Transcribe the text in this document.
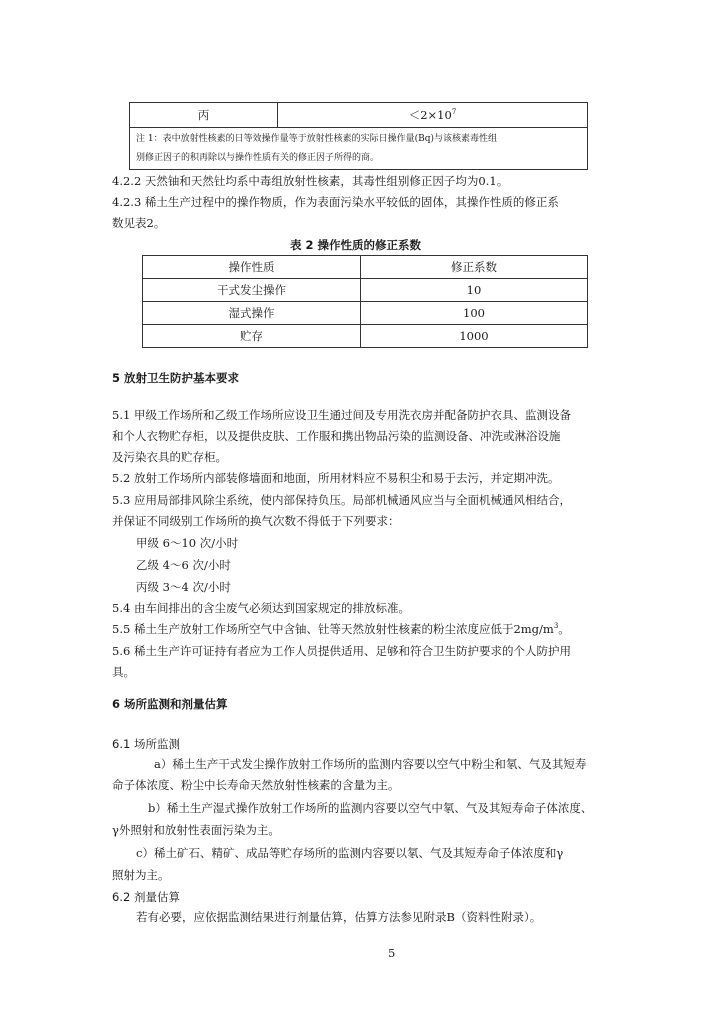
丙	$<2\times 10^7$

注 1：表中放射性核素的日等效操作量等于放射性核素的实际日操作量(Bq)与该核素毒性组
别修正因子的积再除以与操作性质有关的修正因子所得的商。
4.2.2 天然铀和天然钍均系中毒组放射性核素，其毒性组别修正因子均为0.1。
4.2.3 稀土生产过程中的操作物质，作为表面污染水平较低的固体，其操作性质的修正系
数见表2。
表 2 操作性质的修正系数
操作性质	修正系数
干式发尘操作	10
湿式操作	100
贮存	1000
5 放射卫生防护基本要求
5.1 甲级工作场所和乙级工作场所应设卫生通过间及专用洗衣房并配备防护衣具、监测设备
和个人衣物贮存柜，以及提供皮肤、工作服和携出物品污染的监测设备、冲洗或淋浴设施
及污染衣具的贮存柜。
5.2 放射工作场所内部装修墙面和地面，所用材料应不易积尘和易于去污，并定期冲洗。
5.3 应用局部排风除尘系统，使内部保持负压。局部机械通风应当与全面机械通风相结合，
并保证不同级别工作场所的换气次数不得低于下列要求：
甲级 6～10 次/小时
乙级 4～6 次/小时
丙级 3～4 次/小时
5.4 由车间排出的含尘废气必须达到国家规定的排放标准。
5.5 稀土生产放射工作场所空气中含铀、钍等天然放射性核素的粉尘浓度应低于$2mg/m^3$。
5.6 稀土生产许可证持有者应为工作人员提供适用、足够和符合卫生防护要求的个人防护用
具。
6 场所监测和剂量估算
6.1 场所监测
a）稀土生产干式发尘操作放射工作场所的监测内容要以空气中粉尘和氡、气及其短寿
命子体浓度、粉尘中长寿命天然放射性核素的含量为主。
b）稀土生产湿式操作放射工作场所的监测内容要以空气中氡、气及其短寿命子体浓度、
γ外照射和放射性表面污染为主。
c）稀土矿石、精矿、成品等贮存场所的监测内容要以氡、气及其短寿命子体浓度和γ
照射为主。
6.2 剂量估算
若有必要，应依据监测结果进行剂量估算，估算方法参见附录B（资料性附录）。
5
